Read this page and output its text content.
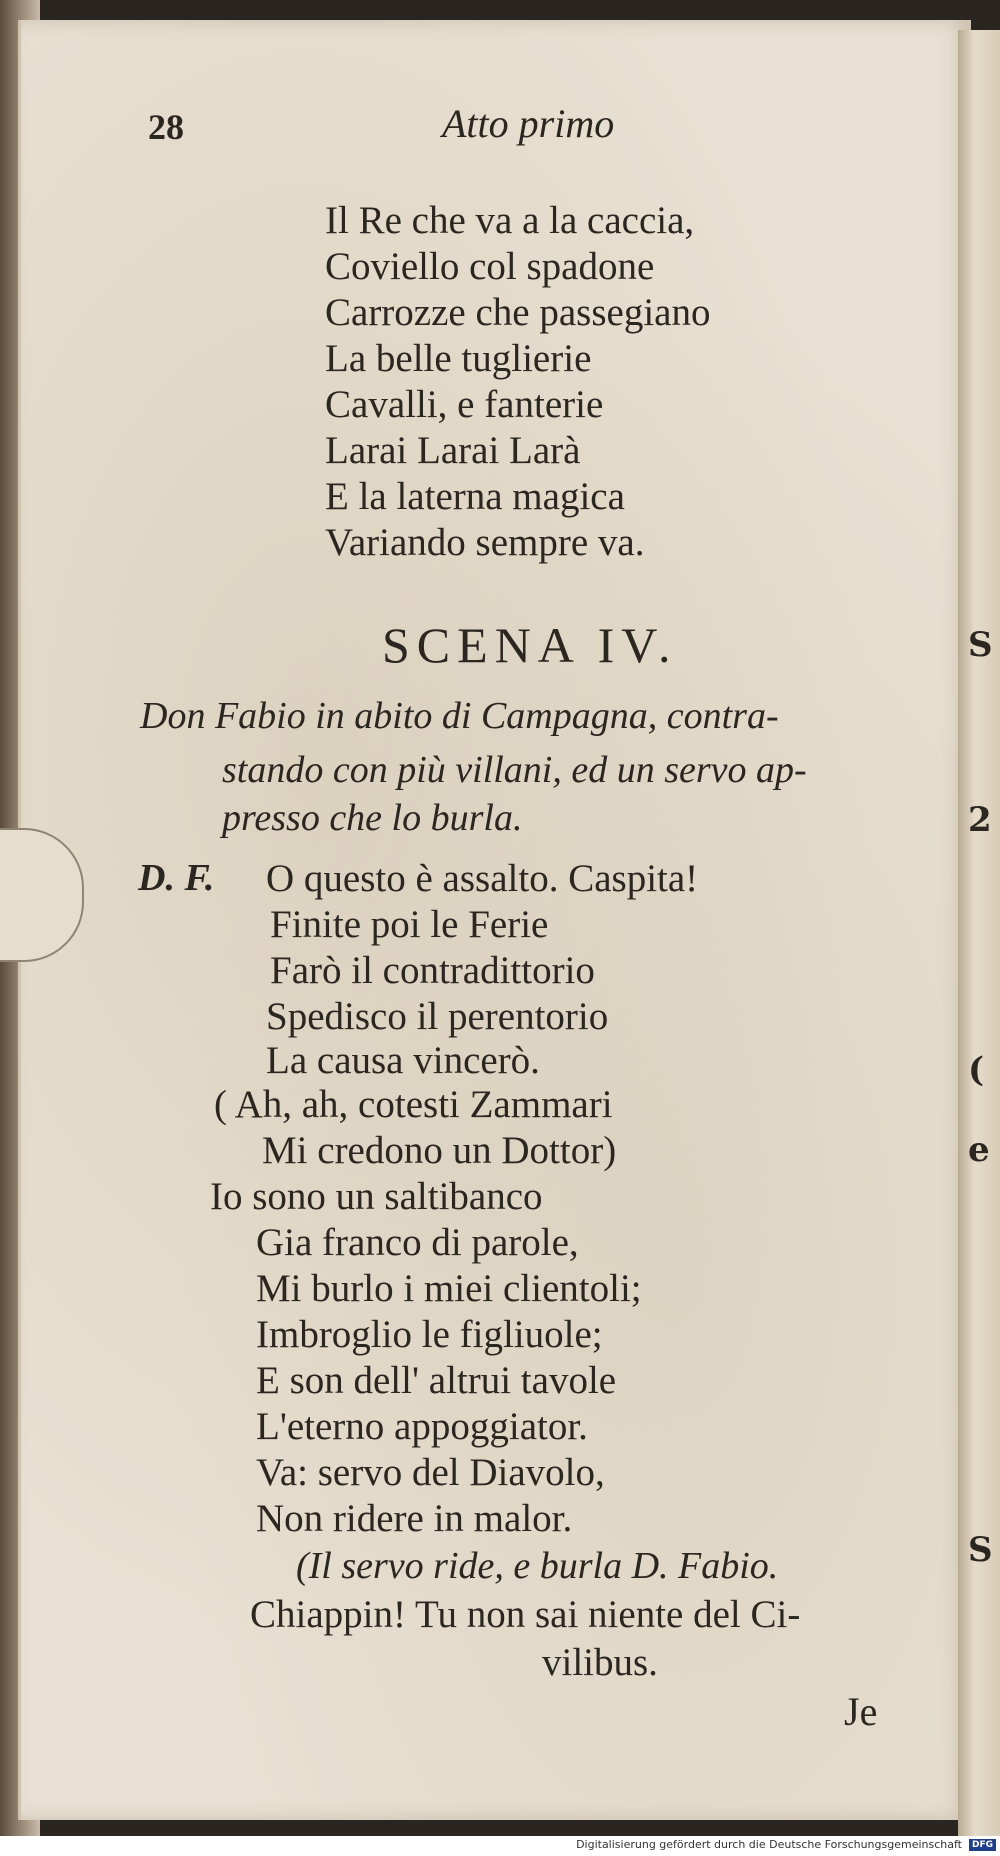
S
2
(
e
S
28	Atto primo
Il Re che va a la caccia,
Coviello col spadone
Carrozze che passegiano
La belle tuglierie
Cavalli, e fanterie
Larai Larai Larà
E la laterna magica
Variando sempre va.
SCENA IV.
Don Fabio in abito di Campagna, contra-
stando con più villani, ed un servo ap-
presso che lo burla.
D. F. O questo è assalto. Caspita!
Finite poi le Ferie
Farò il contradittorio
Spedisco il perentorio
La causa vincerò.
( Ah, ah, cotesti Zammari
Mi credono un Dottor)
Io sono un saltibanco
Gia franco di parole,
Mi burlo i miei clientoli;
Imbroglio le figliuole;
E son dell' altrui tavole
L'eterno appoggiator.
Va: servo del Diavolo,
Non ridere in malor.
(Il servo ride, e burla D. Fabio.
Chiappin! Tu non sai niente del Ci-
vilibus.
Je
Digitalisierung gefördert durch die Deutsche Forschungsgemeinschaft	DFG
